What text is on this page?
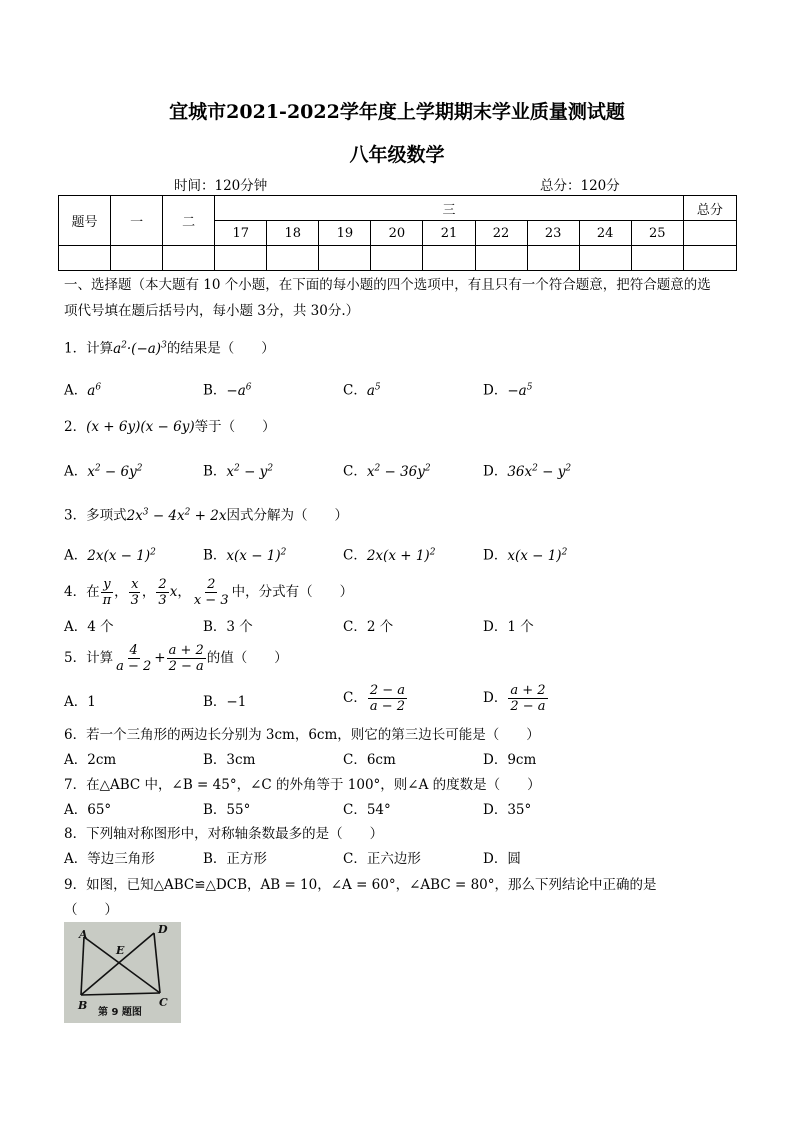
宜城市2021-2022学年度上学期期末学业质量测试题
八年级数学
时间：120分钟	总分：120分
题号	一	二	三									总分
			17	18	19	20	21	22	23	24	25	

一、选择题（本大题有 10 个小题，在下面的每小题的四个选项中，有且只有一个符合题意，把符合题意的选
项代号填在题后括号内，每小题 3分，共 30分.）
1．计算$a^2\cdot(-a)^3$的结果是（　　）
A．$a^6$	B．$-a^6$	C．$a^5$	D．$-a^5$
2．(x + 6y)(x − 6y)等于（　　）
A．$x^2 - 6y^2$	B．$x^2 - y^2$	C．$x^2 - 36y^2$	D．$36x^2 - y^2$
3．多项式$2x^3 - 4x^2 + 2x$因式分解为（　　）
A．$2x(x - 1)^2$	B．$x(x - 1)^2$	C．$2x(x + 1)^2$	D．$x(x - 1)^2$
4．在 $\frac{y}{\pi}$ ， $\frac{x}{3}$ ， $\frac{2}{3}$ x， $\frac{2}{x - 3}$ 中，分式有（　　）
A．4 个	B．3 个	C．2 个	D．1 个
5．计算 $\frac{4}{a - 2} + \frac{a + 2}{2 - a}$ 的值（　　）
A．1	B．−1	C． $\frac{2 - a}{a - 2}$	D． $\frac{a + 2}{2 - a}$
6．若一个三角形的两边长分别为 3cm，6cm，则它的第三边长可能是（　　）
A．2cm	B．3cm	C．6cm	D．9cm
7．在△ABC 中，∠B = 45°，∠C 的外角等于 100°，则∠A 的度数是（　　）
A．65°	B．55°	C．54°	D．35°
8．下列轴对称图形中，对称轴条数最多的是（　　）
A．等边三角形	B．正方形	C．正六边形	D．圆
9．如图，已知△ABC≌△DCB，AB = 10，∠A = 60°，∠ABC = 80°，那么下列结论中正确的是
（　　）
A	D
E
B	C
第 9 题图
